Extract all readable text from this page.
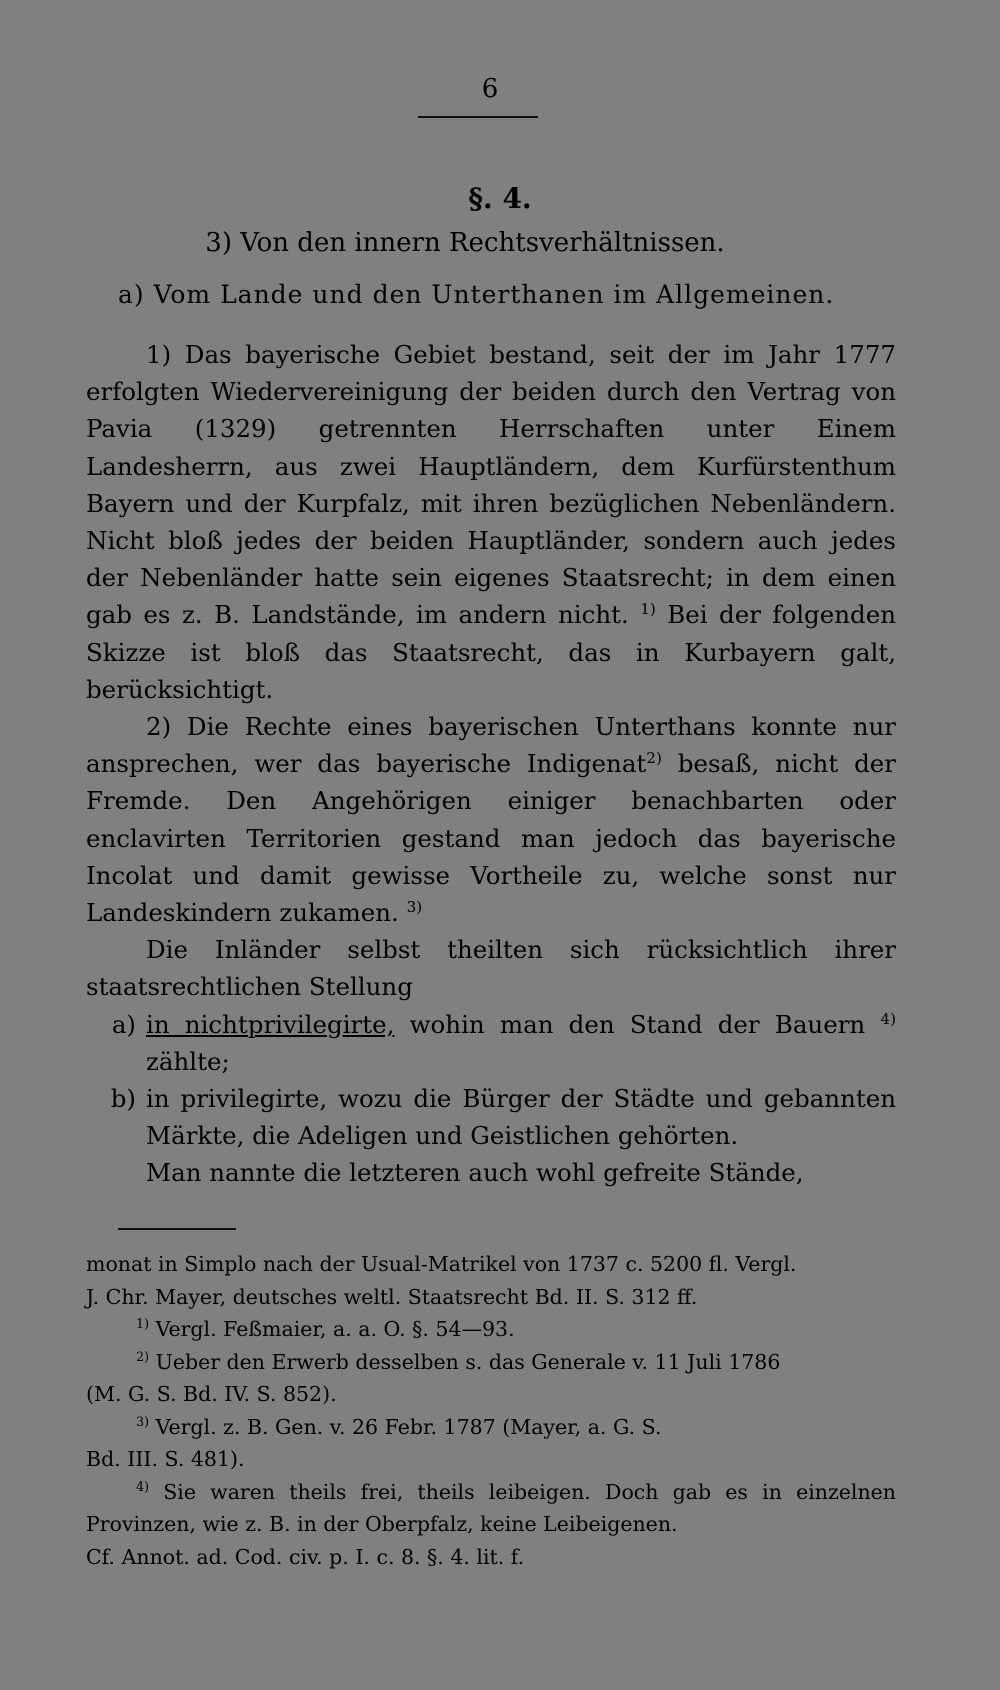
6
§. 4.
3) Von den innern Rechtsverhältnissen.
a) Vom Lande und den Unterthanen im Allgemeinen.

1) Das bayerische Gebiet bestand, seit der im Jahr 1777 erfolgten Wiedervereinigung der beiden durch den Vertrag von Pavia (1329) getrennten Herrschaften unter Einem Landesherrn, aus zwei Hauptländern, dem Kurfürstenthum Bayern und der Kurpfalz, mit ihren bezüglichen Nebenländern. Nicht bloß jedes der beiden Hauptländer, sondern auch jedes der Nebenländer hatte sein eigenes Staatsrecht; in dem einen gab es z. B. Landstände, im andern nicht. $^{1)}$ Bei der folgenden Skizze ist bloß das Staatsrecht, das in Kurbayern galt, berücksichtigt.

2) Die Rechte eines bayerischen Unterthans konnte nur ansprechen, wer das bayerische Indigenat$^{2)}$ besaß, nicht der Fremde. Den Angehörigen einiger benachbarten oder enclavirten Territorien gestand man jedoch das bayerische Incolat und damit gewisse Vortheile zu, welche sonst nur Landeskindern zukamen. $^{3)}$

Die Inländer selbst theilten sich rücksichtlich ihrer staatsrechtlichen Stellung

a) in nichtprivilegirte, wohin man den Stand der Bauern $^{4)}$ zählte;
b) in privilegirte, wozu die Bürger der Städte und gebannten Märkte, die Adeligen und Geistlichen gehörten.

Man nannte die letzteren auch wohl gefreite Stände,

monat in Simplo nach der Usual-Matrikel von 1737 c. 5200 fl. Vergl.

J. Chr. Mayer, deutsches weltl. Staatsrecht Bd. II. S. 312 ff.

$^{1)}$ Vergl. Feßmaier, a. a. O. §. 54—93.

$^{2)}$ Ueber den Erwerb desselben s. das Generale v. 11 Juli 1786

(M. G. S. Bd. IV. S. 852).

$^{3)}$ Vergl. z. B. Gen. v. 26 Febr. 1787 (Mayer, a. G. S.

Bd. III. S. 481).

$^{4)}$ Sie waren theils frei, theils leibeigen. Doch gab es in einzelnen Provinzen, wie z. B. in der Oberpfalz, keine Leibeigenen.

Cf. Annot. ad. Cod. civ. p. I. c. 8. §. 4. lit. f.
